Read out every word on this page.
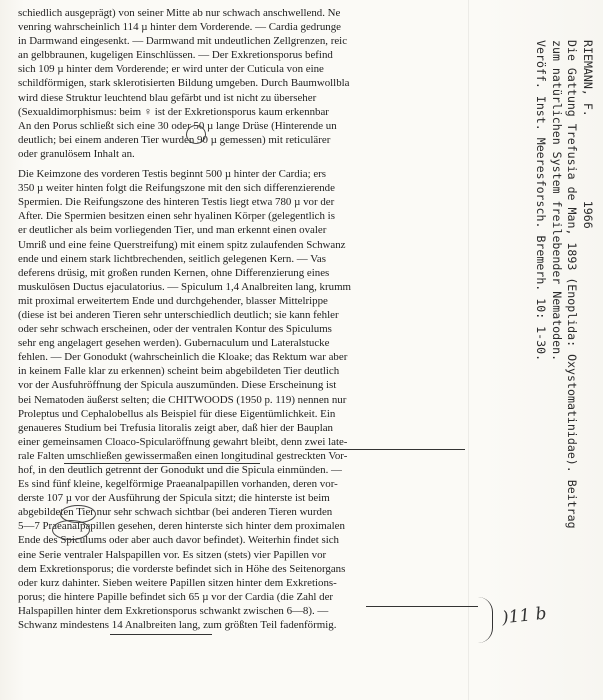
schiedlich ausgeprägt) von seiner Mitte ab nur schwach anschwellend. Ne
venring wahrscheinlich 114 µ hinter dem Vorderende. — Cardia gedrunge
in Darmwand eingesenkt. — Darmwand mit undeutlichen Zellgrenzen, reic
an gelbbraunen, kugeligen Einschlüssen. — Der Exkretionsporus befind
sich 109 µ hinter dem Vorderende; er wird unter der Cuticula von eine
schildförmigen, stark sklerotisierten Bildung umgeben. Durch Baumwollbla
wird diese Struktur leuchtend blau gefärbt und ist nicht zu überseher
(Sexualdimorphismus: beim ♀ ist der Exkretionsporus kaum erkennbar
An den Porus schließt sich eine 30 oder 50 µ lange Drüse (Hinterende un
deutlich; bei einem anderen Tier wurden 90 µ gemessen) mit reticulärer
oder granulösem Inhalt an.
Die Keimzone des vorderen Testis beginnt 500 µ hinter der Cardia; ers
350 µ weiter hinten folgt die Reifungszone mit den sich differenzierende
Spermien. Die Reifungszone des hinteren Testis liegt etwa 780 µ vor der
After. Die Spermien besitzen einen sehr hyalinen Körper (gelegentlich is
er deutlicher als beim vorliegenden Tier, und man erkennt einen ovaler
Umriß und eine feine Querstreifung) mit einem spitz zulaufenden Schwanz
ende und einem stark lichtbrechenden, seitlich gelegenen Kern. — Vas
deferens drüsig, mit großen runden Kernen, ohne Differenzierung eines
muskulösen Ductus ejaculatorius. — Spiculum 1,4 Analbreiten lang, krumm
mit proximal erweitertem Ende und durchgehender, blasser Mittelrippe
(diese ist bei anderen Tieren sehr unterschiedlich deutlich; sie kann fehler
oder sehr schwach erscheinen, oder der ventralen Kontur des Spiculums
sehr eng angelagert gesehen werden). Gubernaculum und Lateralstucke
fehlen. — Der Gonodukt (wahrscheinlich die Kloake; das Rektum war aber
in keinem Falle klar zu erkennen) scheint beim abgebildeten Tier deutlich
vor der Ausfuhröffnung der Spicula auszumünden. Diese Erscheinung ist
bei Nematoden äußerst selten; die CHITWOODS (1950 p. 119) nennen nur
Proleptus und Cephalobellus als Beispiel für diese Eigentümlichkeit. Ein
genaueres Studium bei Trefusia litoralis zeigt aber, daß hier der Bauplan
einer gemeinsamen Cloaco-Spicularöffnung gewahrt bleibt, denn zwei late-
rale Falten umschließen gewissermaßen einen longitudinal gestreckten Vor-
hof, in den deutlich getrennt der Gonodukt und die Spicula einmünden. —
Es sind fünf kleine, kegelförmige Praeanalpapillen vorhanden, deren vor-
derste 107 µ vor der Ausführung der Spicula sitzt; die hinterste ist beim
abgebildeten Tier nur sehr schwach sichtbar (bei anderen Tieren wurden
5—7 Praeanalpapillen gesehen, deren hinterste sich hinter dem proximalen
Ende des Spiculums oder aber auch davor befindet). Weiterhin findet sich
eine Serie ventraler Halspapillen vor. Es sitzen (stets) vier Papillen vor
dem Exkretionsporus; die vorderste befindet sich in Höhe des Seitenorgans
oder kurz dahinter. Sieben weitere Papillen sitzen hinter dem Exkretions-
porus; die hintere Papille befindet sich 65 µ vor der Cardia (die Zahl der
Halspapillen hinter dem Exkretionsporus schwankt zwischen 6—8). —
Schwanz mindestens 14 Analbreiten lang, zum größten Teil fadenförmig.	)11 b
RIEMANN, F.
1966
Die Gattung Trefusia de Man, 1893 (Enoplida: Oxystomatinidae). Beitrag
zum natürlichen System freilebender Nematoden.
Veröff. Inst. Meeresforsch. Bremerh. 10: 1-30.
